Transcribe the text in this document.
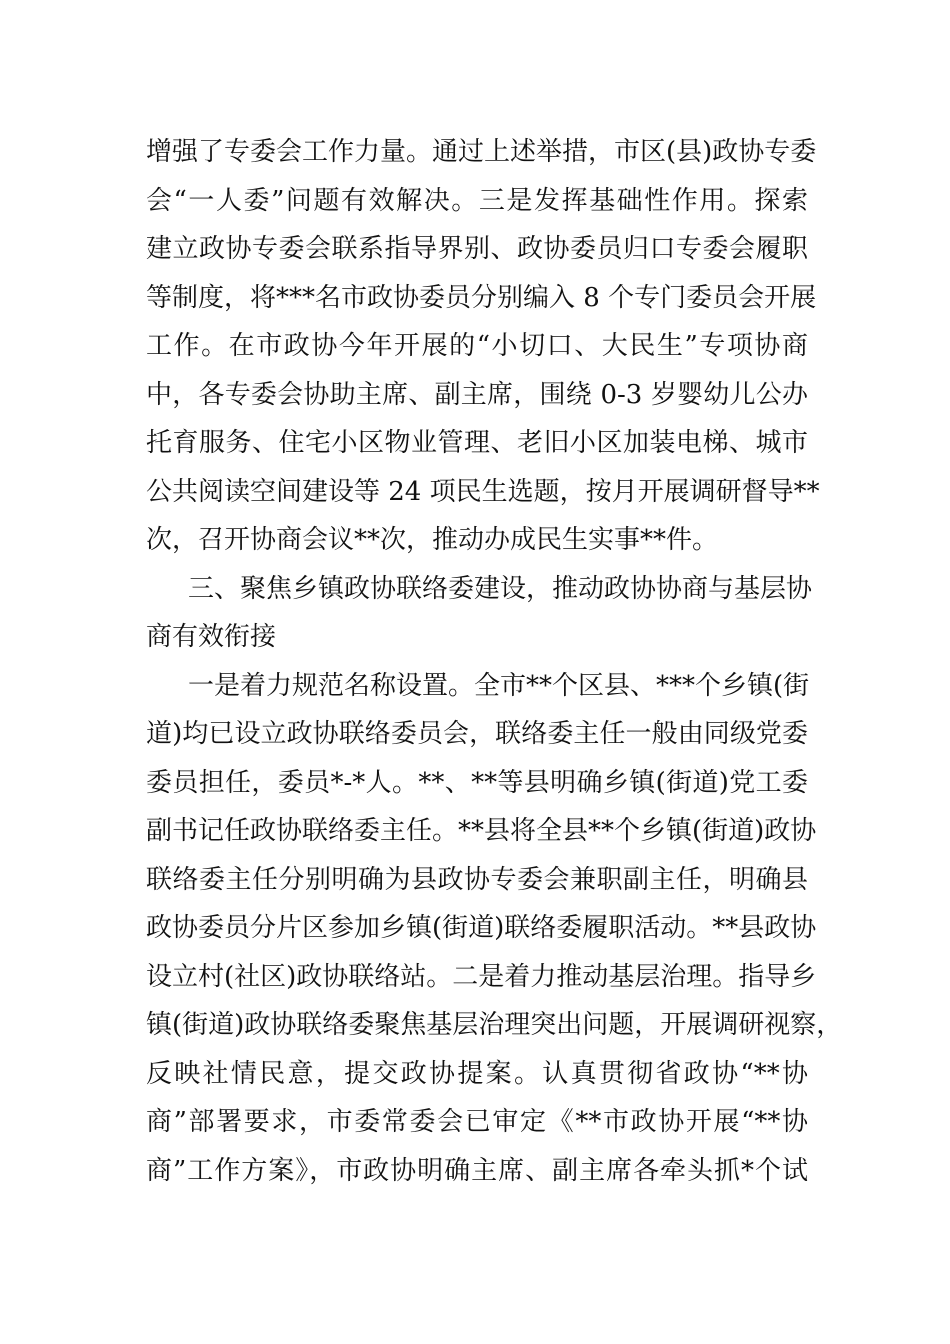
增强了专委会工作力量。通过上述举措，市区(县)政协专委
会“一人委”问题有效解决。三是发挥基础性作用。探索
建立政协专委会联系指导界别、政协委员归口专委会履职
等制度，将***名市政协委员分别编入 8 个专门委员会开展
工作。在市政协今年开展的“小切口、大民生”专项协商
中，各专委会协助主席、副主席，围绕 0-3 岁婴幼儿公办
托育服务、住宅小区物业管理、老旧小区加装电梯、城市
公共阅读空间建设等 24 项民生选题，按月开展调研督导**
次，召开协商会议**次，推动办成民生实事**件。
三、聚焦乡镇政协联络委建设，推动政协协商与基层协
商有效衔接
一是着力规范名称设置。全市**个区县、***个乡镇(街
道)均已设立政协联络委员会，联络委主任一般由同级党委
委员担任，委员*-*人。**、**等县明确乡镇(街道)党工委
副书记任政协联络委主任。**县将全县**个乡镇(街道)政协
联络委主任分别明确为县政协专委会兼职副主任，明确县
政协委员分片区参加乡镇(街道)联络委履职活动。**县政协
设立村(社区)政协联络站。二是着力推动基层治理。指导乡
镇(街道)政协联络委聚焦基层治理突出问题，开展调研视察，
反映社情民意，提交政协提案。认真贯彻省政协“**协
商”部署要求，市委常委会已审定《**市政协开展“**协
商”工作方案》，市政协明确主席、副主席各牵头抓*个试
